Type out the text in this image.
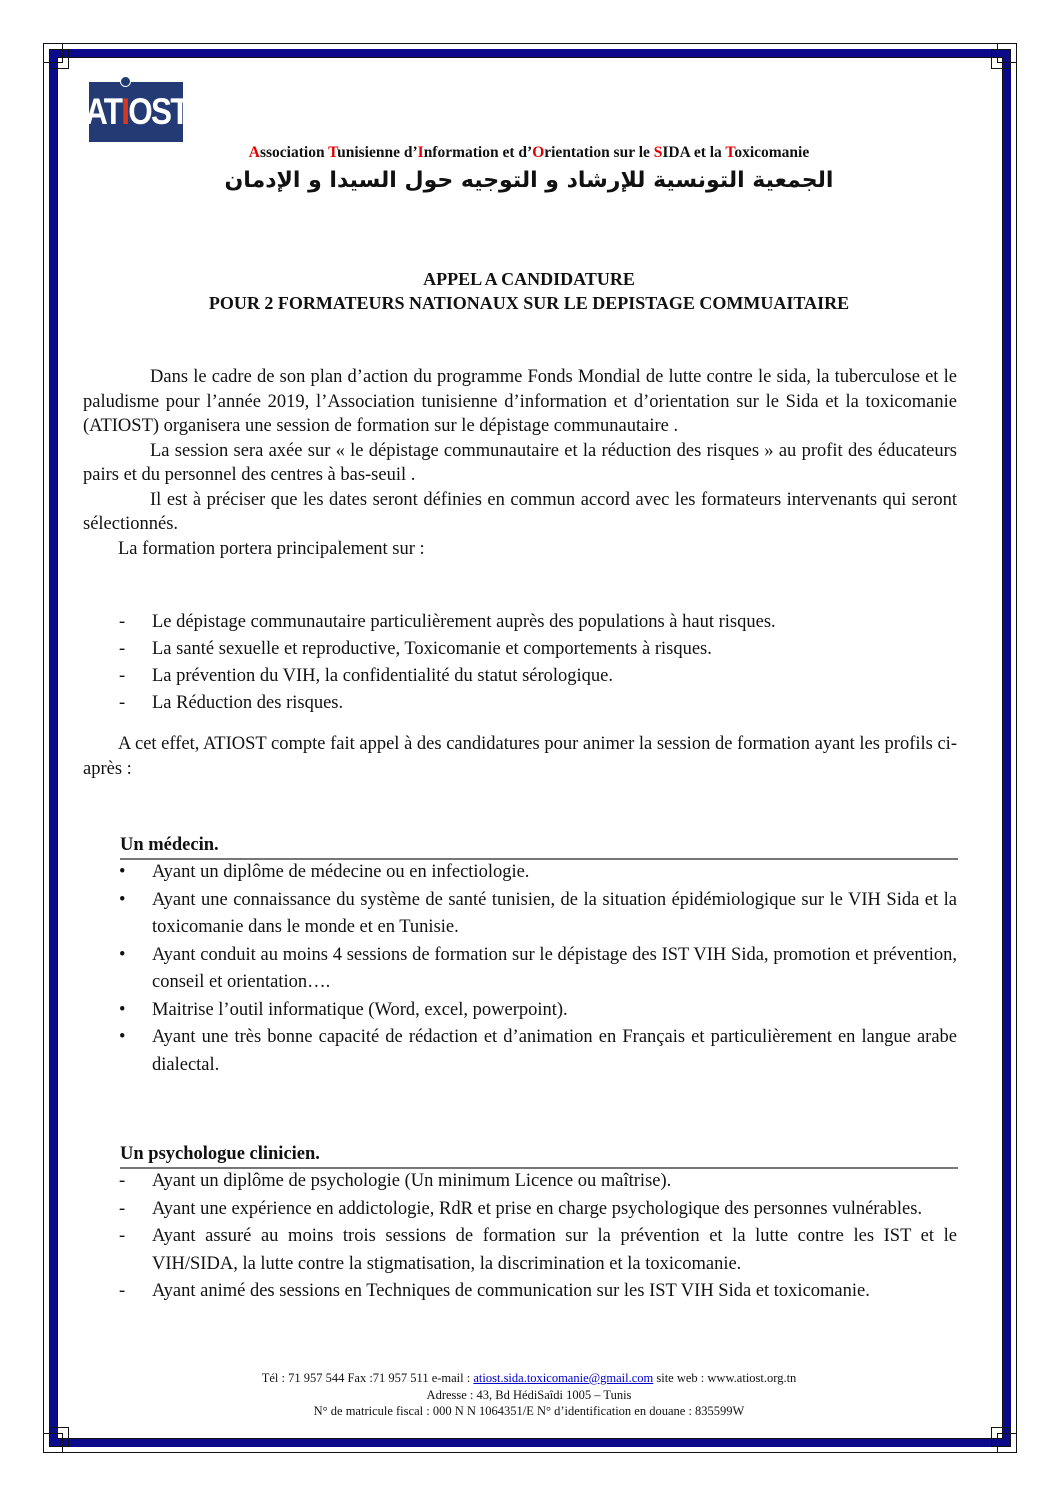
ATIOST
Association Tunisienne d’Information et d’Orientation sur le SIDA et la Toxicomanie
الجمعية التونسية للإرشاد و التوجيه حول السيدا و الإدمان
APPEL A CANDIDATURE
POUR 2 FORMATEURS NATIONAUX SUR LE DEPISTAGE COMMUAITAIRE

Dans le cadre de son plan d’action du programme Fonds Mondial de lutte contre le sida, la tuberculose et le paludisme pour l’année 2019, l’Association tunisienne d’information et d’orientation sur le Sida et la toxicomanie (ATIOST) organisera une session de formation sur le dépistage communautaire .

La session sera axée sur « le dépistage communautaire et la réduction des risques » au profit des éducateurs pairs et du personnel des centres à bas-seuil .

Il est à préciser que les dates seront définies en commun accord avec les formateurs intervenants qui seront sélectionnés.

La formation portera principalement sur :

- Le dépistage communautaire particulièrement auprès des populations à haut risques.
- La santé sexuelle et reproductive, Toxicomanie et comportements à risques.
- La prévention du VIH, la confidentialité du statut sérologique.
- La Réduction des risques.

A cet effet, ATIOST compte fait appel à des candidatures pour animer la session de formation ayant les profils ci-après :

Un médecin.
• Ayant un diplôme de médecine ou en infectiologie.
• Ayant une connaissance du système de santé tunisien, de la situation épidémiologique sur le VIH Sida et la toxicomanie dans le monde et en Tunisie.
• Ayant conduit au moins 4 sessions de formation sur le dépistage des IST VIH Sida, promotion et prévention, conseil et orientation….
• Maitrise l’outil informatique (Word, excel, powerpoint).
• Ayant une très bonne capacité de rédaction et d’animation en Français et particulièrement en langue arabe dialectal.
Un psychologue clinicien.
- Ayant un diplôme de psychologie (Un minimum Licence ou maîtrise).
- Ayant une expérience en addictologie, RdR et prise en charge psychologique des personnes vulnérables.
- Ayant assuré au moins trois sessions de formation sur la prévention et la lutte contre les IST et le VIH/SIDA, la lutte contre la stigmatisation, la discrimination et la toxicomanie.
- Ayant animé des sessions en Techniques de communication sur les IST VIH Sida et toxicomanie.
Tél : 71 957 544 Fax :71 957 511 e-mail : atiost.sida.toxicomanie@gmail.com site web : www.atiost.org.tn
Adresse : 43, Bd HédiSaîdi 1005 – Tunis
N° de matricule fiscal : 000 N N 1064351/E N° d’identification en douane : 835599W
